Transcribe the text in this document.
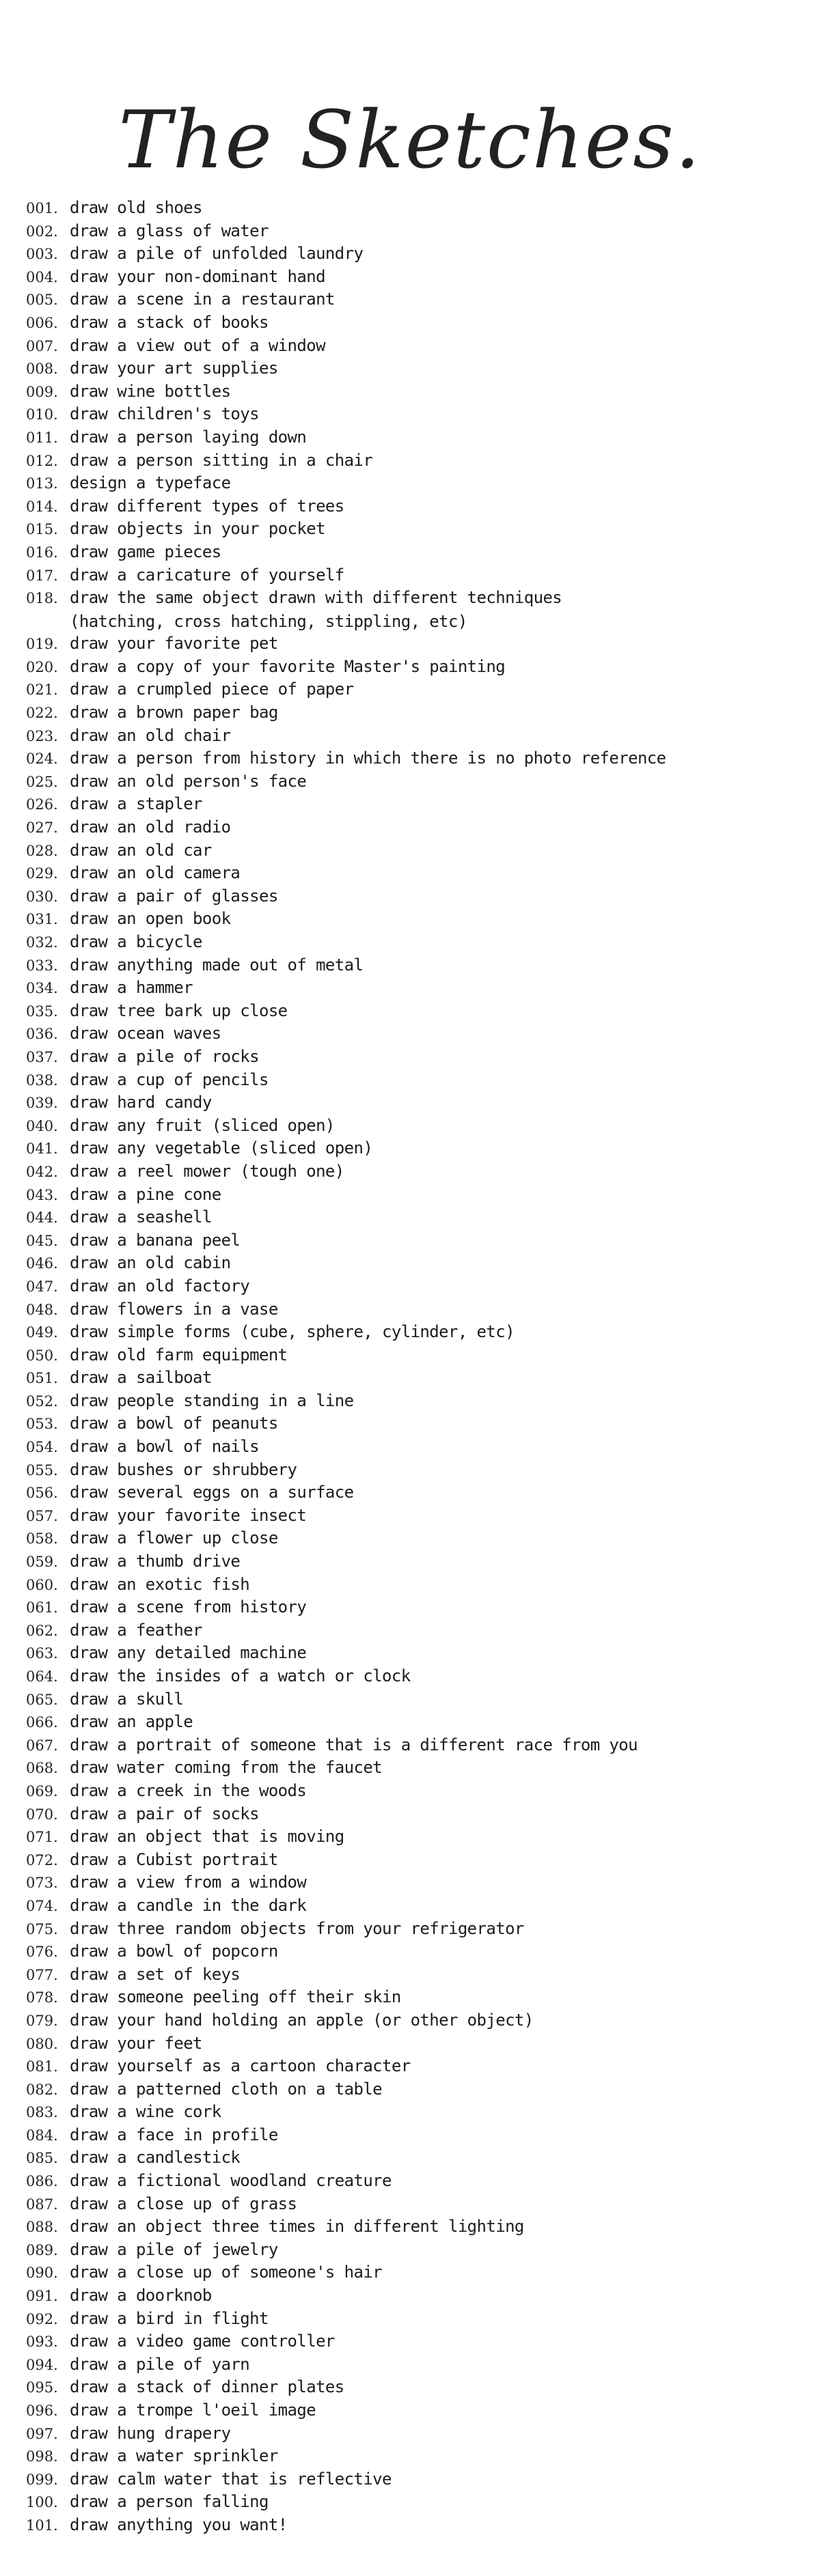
The Sketches.
001. draw old shoes
002. draw a glass of water
003. draw a pile of unfolded laundry
004. draw your non-dominant hand
005. draw a scene in a restaurant
006. draw a stack of books
007. draw a view out of a window
008. draw your art supplies
009. draw wine bottles
010. draw children's toys
011. draw a person laying down
012. draw a person sitting in a chair
013. design a typeface
014. draw different types of trees
015. draw objects in your pocket
016. draw game pieces
017. draw a caricature of yourself
018. draw the same object drawn with different techniques
(hatching, cross hatching, stippling, etc)
019. draw your favorite pet
020. draw a copy of your favorite Master's painting
021. draw a crumpled piece of paper
022. draw a brown paper bag
023. draw an old chair
024. draw a person from history in which there is no photo reference
025. draw an old person's face
026. draw a stapler
027. draw an old radio
028. draw an old car
029. draw an old camera
030. draw a pair of glasses
031. draw an open book
032. draw a bicycle
033. draw anything made out of metal
034. draw a hammer
035. draw tree bark up close
036. draw ocean waves
037. draw a pile of rocks
038. draw a cup of pencils
039. draw hard candy
040. draw any fruit (sliced open)
041. draw any vegetable (sliced open)
042. draw a reel mower (tough one)
043. draw a pine cone
044. draw a seashell
045. draw a banana peel
046. draw an old cabin
047. draw an old factory
048. draw flowers in a vase
049. draw simple forms (cube, sphere, cylinder, etc)
050. draw old farm equipment
051. draw a sailboat
052. draw people standing in a line
053. draw a bowl of peanuts
054. draw a bowl of nails
055. draw bushes or shrubbery
056. draw several eggs on a surface
057. draw your favorite insect
058. draw a flower up close
059. draw a thumb drive
060. draw an exotic fish
061. draw a scene from history
062. draw a feather
063. draw any detailed machine
064. draw the insides of a watch or clock
065. draw a skull
066. draw an apple
067. draw a portrait of someone that is a different race from you
068. draw water coming from the faucet
069. draw a creek in the woods
070. draw a pair of socks
071. draw an object that is moving
072. draw a Cubist portrait
073. draw a view from a window
074. draw a candle in the dark
075. draw three random objects from your refrigerator
076. draw a bowl of popcorn
077. draw a set of keys
078. draw someone peeling off their skin
079. draw your hand holding an apple (or other object)
080. draw your feet
081. draw yourself as a cartoon character
082. draw a patterned cloth on a table
083. draw a wine cork
084. draw a face in profile
085. draw a candlestick
086. draw a fictional woodland creature
087. draw a close up of grass
088. draw an object three times in different lighting
089. draw a pile of jewelry
090. draw a close up of someone's hair
091. draw a doorknob
092. draw a bird in flight
093. draw a video game controller
094. draw a pile of yarn
095. draw a stack of dinner plates
096. draw a trompe l'oeil image
097. draw hung drapery
098. draw a water sprinkler
099. draw calm water that is reflective
100. draw a person falling
101. draw anything you want!
